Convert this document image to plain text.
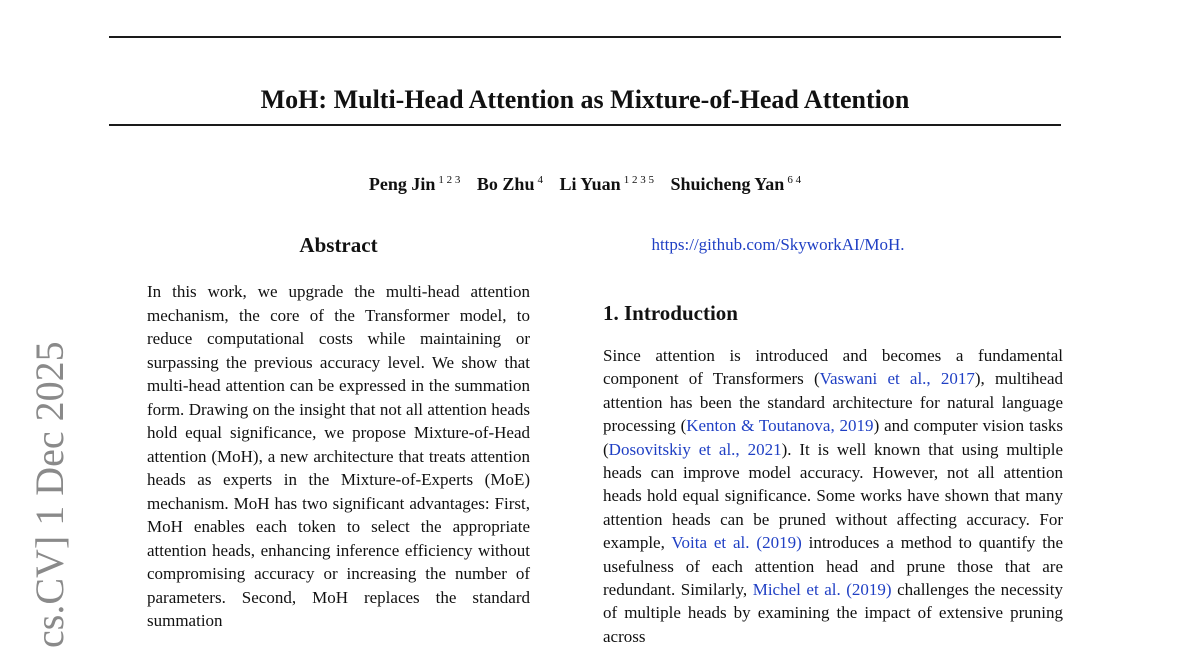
MoH: Multi-Head Attention as Mixture-of-Head Attention
Peng Jin $^{1 2 3}$ Bo Zhu $^4$ Li Yuan $^{1 2 3 5}$ Shuicheng Yan $^{6 4}$
cs.CV] 1 Dec 2025
Abstract

In this work, we upgrade the multi-head attention mechanism, the core of the Transformer model, to reduce computational costs while maintaining or surpassing the previous accuracy level. We show that multi-head attention can be expressed in the summation form. Drawing on the insight that not all attention heads hold equal significance, we propose Mixture-of-Head attention (MoH), a new architecture that treats attention heads as experts in the Mixture-of-Experts (MoE) mechanism. MoH has two significant advantages: First, MoH enables each token to select the appropriate attention heads, enhancing inference efficiency without compromising accuracy or increasing the number of parameters. Second, MoH replaces the standard summation

https://github.com/SkyworkAI/MoH.
1. Introduction

Since attention is introduced and becomes a fundamental component of Transformers (Vaswani et al., 2017), multihead attention has been the standard architecture for natural language processing (Kenton & Toutanova, 2019) and computer vision tasks (Dosovitskiy et al., 2021). It is well known that using multiple heads can improve model accuracy. However, not all attention heads hold equal significance. Some works have shown that many attention heads can be pruned without affecting accuracy. For example, Voita et al. (2019) introduces a method to quantify the usefulness of each attention head and prune those that are redundant. Similarly, Michel et al. (2019) challenges the necessity of multiple heads by examining the impact of extensive pruning across
